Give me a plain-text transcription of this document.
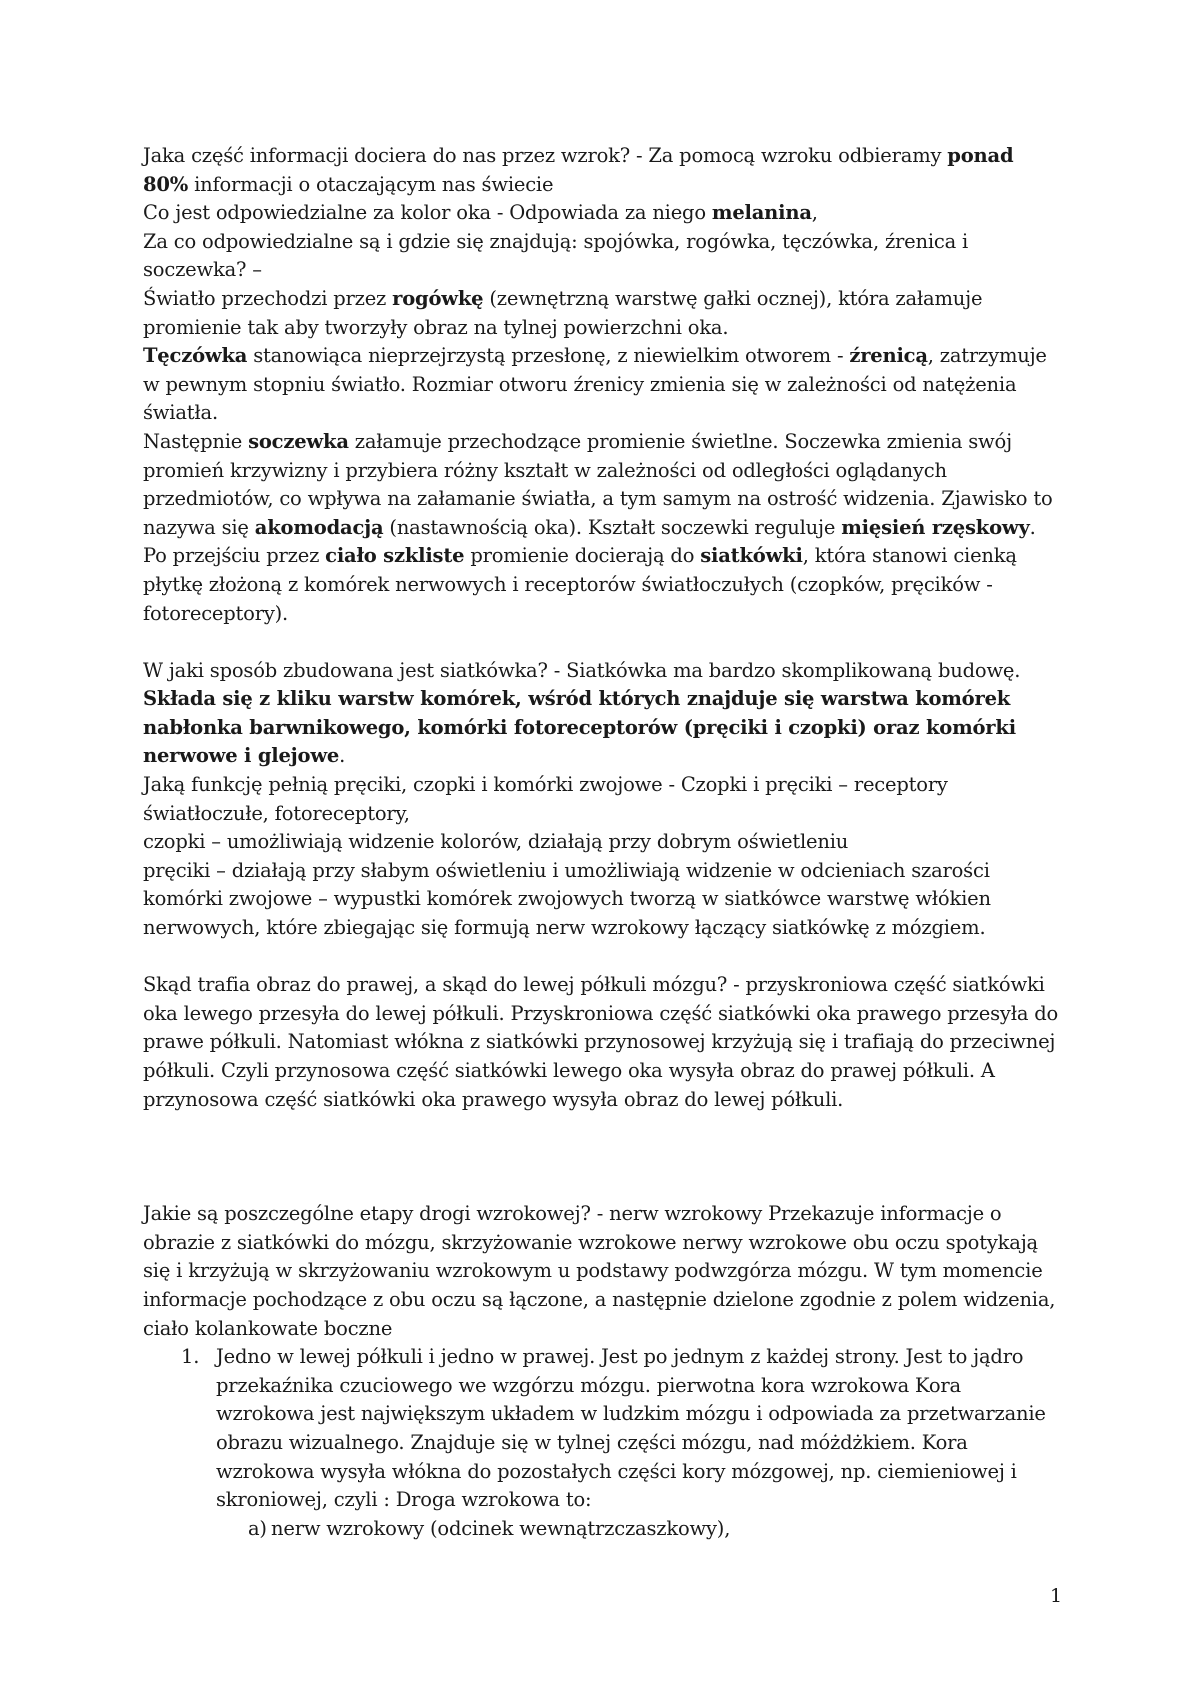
Jaka część informacji dociera do nas przez wzrok? - Za pomocą wzroku odbieramy ponad 80% informacji o otaczającym nas świecie

Co jest odpowiedzialne za kolor oka - Odpowiada za niego melanina,

Za co odpowiedzialne są i gdzie się znajdują: spojówka, rogówka, tęczówka, źrenica i soczewka? –

Światło przechodzi przez rogówkę (zewnętrzną warstwę gałki ocznej), która załamuje promienie tak aby tworzyły obraz na tylnej powierzchni oka.

Tęczówka stanowiąca nieprzejrzystą przesłonę, z niewielkim otworem - źrenicą, zatrzymuje w pewnym stopniu światło. Rozmiar otworu źrenicy zmienia się w zależności od natężenia światła.

Następnie soczewka załamuje przechodzące promienie świetlne. Soczewka zmienia swój promień krzywizny i przybiera różny kształt w zależności od odległości oglądanych przedmiotów, co wpływa na załamanie światła, a tym samym na ostrość widzenia. Zjawisko to nazywa się akomodacją (nastawnością oka). Kształt soczewki reguluje mięsień rzęskowy.
Po przejściu przez ciało szkliste promienie docierają do siatkówki, która stanowi cienką płytkę złożoną z komórek nerwowych i receptorów światłoczułych (czopków, pręcików - fotoreceptory).

W jaki sposób zbudowana jest siatkówka? - Siatkówka ma bardzo skomplikowaną budowę. Składa się z kliku warstw komórek, wśród których znajduje się warstwa komórek nabłonka barwnikowego, komórki fotoreceptorów (pręciki i czopki) oraz komórki nerwowe i glejowe.

Jaką funkcję pełnią pręciki, czopki i komórki zwojowe - Czopki i pręciki – receptory światłoczułe, fotoreceptory,

czopki – umożliwiają widzenie kolorów, działają przy dobrym oświetleniu

pręciki – działają przy słabym oświetleniu i umożliwiają widzenie w odcieniach szarości

komórki zwojowe – wypustki komórek zwojowych tworzą w siatkówce warstwę włókien nerwowych, które zbiegając się formują nerw wzrokowy łączący siatkówkę z mózgiem.

Skąd trafia obraz do prawej, a skąd do lewej półkuli mózgu? - przyskroniowa część siatkówki oka lewego przesyła do lewej półkuli. Przyskroniowa część siatkówki oka prawego przesyła do prawe półkuli. Natomiast włókna z siatkówki przynosowej krzyżują się i trafiają do przeciwnej półkuli. Czyli przynosowa część siatkówki lewego oka wysyła obraz do prawej półkuli. A przynosowa część siatkówki oka prawego wysyła obraz do lewej półkuli.

Jakie są poszczególne etapy drogi wzrokowej? - nerw wzrokowy Przekazuje informacje o obrazie z siatkówki do mózgu, skrzyżowanie wzrokowe nerwy wzrokowe obu oczu spotykają się i krzyżują w skrzyżowaniu wzrokowym u podstawy podwzgórza mózgu. W tym momencie informacje pochodzące z obu oczu są łączone, a następnie dzielone zgodnie z polem widzenia, ciało kolankowate boczne

1. Jedno w lewej półkuli i jedno w prawej. Jest po jednym z każdej strony. Jest to jądro przekaźnika czuciowego we wzgórzu mózgu. pierwotna kora wzrokowa Kora wzrokowa jest największym układem w ludzkim mózgu i odpowiada za przetwarzanie obrazu wizualnego. Znajduje się w tylnej części mózgu, nad móżdżkiem. Kora wzrokowa wysyła włókna do pozostałych części kory mózgowej, np. ciemieniowej i skroniowej, czyli : Droga wzrokowa to:
a) nerw wzrokowy (odcinek wewnątrzczaszkowy),
1
